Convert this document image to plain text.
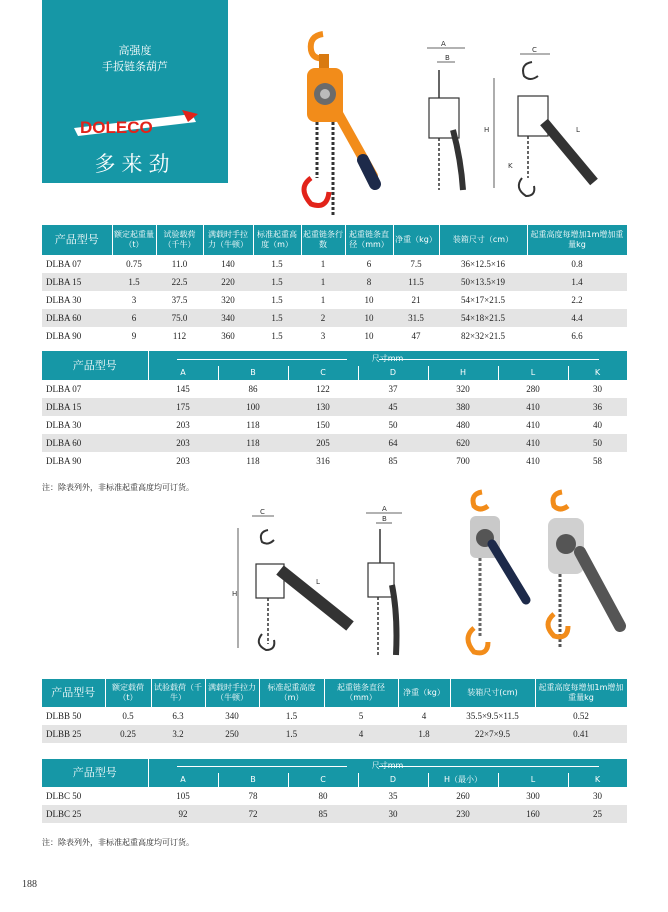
高强度
手扳链条葫芦
DOLECO
多来劲
A
B
C
H	L
K
产品型号	额定起重量（t）	试验载荷（千牛）	满载时手拉力（牛顿）	标准起重高度（m）	起重链条行数	起重链条直径（mm）	净重（kg）	装箱尺寸（cm）	起重高度每增加1m增加重量kg
DLBA 07	0.75	11.0	140	1.5	1	6	7.5	36×12.5×16	0.8
DLBA 15	1.5	22.5	220	1.5	1	8	11.5	50×13.5×19	1.4
DLBA 30	3	37.5	320	1.5	1	10	21	54×17×21.5	2.2
DLBA 60	6	75.0	340	1.5	2	10	31.5	54×18×21.5	4.4
DLBA 90	9	112	360	1.5	3	10	47	82×32×21.5	6.6
产品型号	尺寸mm						

	A	B	C	D	H	L	K
DLBA 07	145	86	122	37	320	280	30
DLBA 15	175	100	130	45	380	410	36
DLBA 30	203	118	150	50	480	410	40
DLBA 60	203	118	205	64	620	410	50
DLBA 90	203	118	316	85	700	410	58
注：除表列外，非标准起重高度均可订货。
C
H
L
A
B
产品型号	额定载荷（t）	试验载荷（千牛）	满载时手拉力（牛顿）	标准起重高度（m）	起重链条直径（mm）	净重（kg）	装箱尺寸(cm)	起重高度每增加1m增加重量kg
DLBB 50	0.5	6.3	340	1.5	5	4	35.5×9.5×11.5	0.52
DLBB 25	0.25	3.2	250	1.5	4	1.8	22×7×9.5	0.41
产品型号	尺寸mm						

	A	B	C	D	H（最小）	L	K
DLBC 50	105	78	80	35	260	300	30
DLBC 25	92	72	85	30	230	160	25
注：除表列外，非标准起重高度均可订货。
188
